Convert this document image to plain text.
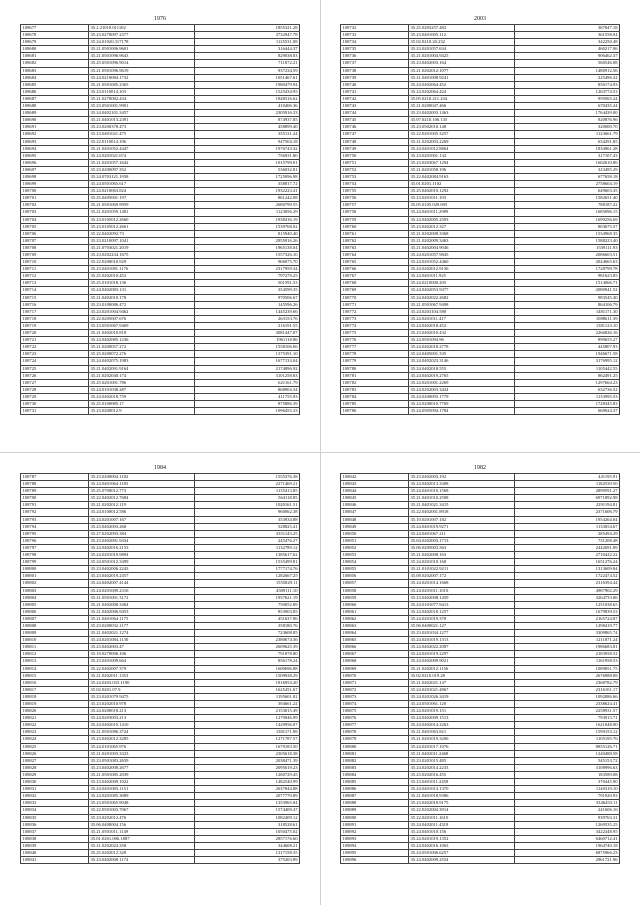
1976
108677	35.2.21010.011102	1855321.28
108678	35.23.0270097.2377	3732947.78
108679	35.24.01020.317178	1125531.08
108680	35.21.0501006.9601	316444.37
108681	35.21.0501096.9643	829038.03
108682	35.25.0501096.9014	711872.21
108683	35.21.0501096.9619	937234.59
108684	35.24.0210084.1732	1051467.61
108685	35.21.0501085.2365	1980479.94
108686	35.23.0110014.103	1525434.95
108687	35.21.0270082.434	1848316.62
108688	35.23.0501001.9901	410406.36
108689	35.24.0402101.3457	2305916.33
108690	35.21.0401013.2391	874937.85
108691	35.23.0200378.473	458899.40
108692	35.23.0401021.475	355131.24
108693	35.22.0110014.196	947504.18
108694	35.21.0201052.4447	1976743.32
108695	35.24.0201021.674	756931.80
108696	35.21.0201057.1642	1015799.01
108697	35.23.0200097.352	536032.81
108698	35.24.0703121.1938	1725096.98
108699	35.24.0501065.617	358817.72
108700	35.24.0210063.824	1932223.41
108701	35.25.0405001.197	861242.08
108702	35.21.0501069.9959	2680799.55
108703	35.21.0201059.1481	1123856.29
108704	35.23.0105012.2660	1938416.19
108705	35.23.0105012.2661	1539768.02
108706	35.22.0402092.73	815940.40
108707	35.23.0210097.1041	2955016.26
108708	35.21.0703021.2019	1965138.04
108709	35.23.0202234.1675	1557326.10
108710	35.22.0200010.929	966075.70
108711	35.23.0401081.1176	2317959.34
108712	35.25.0202010.452	797279.25
108713	35.25.0101018.136	501591.53
108714	35.24.0402083.131	354599.35
108715	35.21.0402010.178	970506.67
108716	35.23.0100086.472	145596.26
108717	35.24.0201004.9462	1445239.66
108718	35.22.0205007.676	263153.76
108719	35.23.0501067.9469	216191.55
108720	35.21.0402010.818	3081447.07
108721	35.24.0402085.1236	1961118.86
108722	35.21.0200057.272	1558106.66
108723	35.25.0200072.276	1375391.10
108724	35.24.0402075.1983	1677133.04
108725	35.21.0402091.9164	2174896.92
108726	35.21.0202040.174	3101258.83
108727	35.25.0201001.786	621161.79
108728	35.24.0101038.287	868904.34
108729	35.24.0402018.759	411755.93
108730	35.25.0100085.17	875886.39
108731	35.23.0200012.9	1096455.33
2003
108732	35.25.0203257.482	387847.18
108733	35.23.0401005.112	361558.04
108734	35.02.0210.20.232	342250.48
108735	35.23.0201057.634	460217.06
108736	35.21.0201004.9425	906462.37
108737	35.23.0402003.164	560546.08
108738	35.21.0202012.1077	1480912.56
108739	35.21.0401008.9241	225496.32
108740	35.24.0402064.452	850174.93
108741	35.24.0202064.424	1263774.53
108742	35.05.0210.211.234	959565.24
108743	35.21.0200047.466	670435.24
108744	35.23.0402003.1463	1764439.00
108745	35.07.0210.106.135	820876.96
108746	35.23.0502010.148	320000.70
108747	35.22.0201005.3257	1123661.79
108748	35.21.0202003.2269	634291.85
108749	35.24.0401012.8864	1834961.28
108750	35.23.0201001.132	317107.43
108751	35.23.0203067.1294	1602610.86
108752	35.21.0201058.196	323495.29
108753	35.22.0402084.9163	677658.18
108754	35.01.0201.1102	2758604.19
108755	35.25.0402010.1292	649603.35
108756	35.23.0201011.193	1582651.40
108757	35.05.0105.029.695	788187.22
108758	35.24.0401011.2989	1685096.15
108759	35.24.0402005.2593	1699256.69
108760	35.23.0402012.327	803675.57
108761	35.21.0202008.3368	1534968.35
108762	35.21.0202009.3463	1588223.40
108763	35.21.0402004.9046	1539111.93
108764	35.24.0201057.9845	2086603.51
108765	35.24.0201052.4460	2024665.63
108766	35.24.0202012.9156	1728799.78
108767	35.24.0401011.925	981623.85
108768	35.24.0210000.205	1514066.71
108769	35.24.0402053.9377	2080941.52
108770	35.24.0402022.2682	983545.40
108771	35.21.0501067.9498	864106.79
108772	35.24.0203104.580	1481171.30
108773	35.24.0201011.417	1088611.39
108774	35.24.0402018.452	1381123.10
108775	35.23.0402010.432	2266826.16
108776	35.24.0501094.96	899655.27
108777	35.24.0402018.2778	445807.93
108778	35.24.0405001.335	1946671.58
108779	35.24.0402023.3146	3176995.12
108780	35.24.0402018.555	1105442.55
108781	35.24.0402019.2765	862491.25
108782	35.24.0201001.2269	1297664.23
108783	35.24.0202003.3424	632736.52
108784	35.24.0200093.1779	1133995.53
108785	35.24.0200010.7769	1728345.83
108786	35.24.0505094.1784	669924.37
1984
108787	35.23.0200004.1182	1555376.38
108788	35.24.0401064.1185	2271469.21
108789	35.25.0700012.773	1135413.85
108790	35.22.0402012.7684	564118.85
108791	35.21.0202012.119	1020161.51
108792	35.24.0100012.586	960062.38
108793	35.24.0201007.167	353934.88
108794	35.23.0402003.268	528825.41
108795	35.27.0202093.384	3351143.25
108796	35.23.0402001.9434	245476.27
108797	35.24.0402016.2153	1132789.12
108798	35.24.0201010.9894	1385617.62
108799	35.24.0501012.3499	1535499.81
108800	35.23.0402006.2243	1777174.76
108801	35.23.0402019.2357	1282667.25
108802	35.24.0402007.4144	1555829.11
108803	35.24.0201009.2316	4509111.10
108804	35.21.0501001.3172	1957621.19
108805	35.21.0402008.3404	750052.89
108806	35.21.0402006.9453	853903.85
108807	35.21.0401064.1175	451637.86
108808	35.23.0200032.1177	358180.76
108809	35.21.0402021.1274	723608.85
108810	35.24.0201084.1130	2380674.36
108811	35.23.0402003.47	2609625.39
108812	35.19.0270006.106	791878.80
108813	35.23.0201009.664	856178.24
108814	35.22.0402007.379	1600696.88
108815	35.21.0202011.1353	1509938.29
108816	35.24.0403.033.1190	1816954.20
108817	35.02.0201.07.9	1625451.67
108818	35.23.0201079.9475	1195601.02
108819	35.23.0202010.978	394661.22
108820	35.24.0200018.213	2153815.49
108821	35.24.0203003.213	1279046.99
108822	35.24.0402010.1410	1429956.07
108823	35.21.0501086.3724	1381171.98
108824	35.23.0402012.3285	1271787.57
108825	35.24.0101065.976	1679183.50
108826	35.21.0201003.3323	2305618.38
108827	35.23.0501083.2659	2038471.39
108828	35.23.0402008.2677	2095619.23
108829	35.21.0501085.2039	1260729.45
108830	35.23.0402009.1022	1482540.99
108831	35.24.0201083.1151	2637844.88
108832	35.24.0201085.3089	2077770.89
108833	35.23.0501065.9048	1353965.04
108834	35.22.0501003.7067	1574409.47
108835	35.23.0202012.476	1082409.12
108836	35.06.0400004.156	318528.61
108837	35.21.0501011.1149	1050475.02
108838	35.01.0201.006.1887	2857176.60
108839	35.21.0202024.358	344608.21
108840	35.25.0202012.328	1317158.35
108841	35.23.0402008.1174	375203.89
1982
108842	35.23.0402003.192	441195.91
108843	35.24.0402013.3308	1182539.50
108844	35.24.0401010.1568	2899591.27
108845	35.21.0401010.2508	6971892.98
108846	35.21.0401021.3415	2291194.81
108847	35.22.0402001.8918	2371606.79
108848	35.10.0201007.182	1954264.04
108849	35.24.0401019.9271	1133054.67
108850	35.24.0401067.211	285494.29
108851	35.04.0202003.1713	731208.48
108852	35.06.0205003.563	2442691.89
108853	35.21.0402008.163	2710422.22
108854	35.24.0201010.168	1651276.24
108855	35.21.0101022.9211	1313609.84
108856	35.08.0202007.172	1722474.52
108857	35.24.0201014.1668	2316394.44
108858	35.24.0201011.1010	4987902.29
108859	35.23.0402008.1459	3264733.86
108860	35.24.0101077.9413	1251038.65
108861	35.24.0402018.1257	1679839.53
108862	35.24.0201019.378	2165724.07
108863	35.06.0400021.127	1298419.77
108864	35.23.0201034.1277	3309865.74
108865	35.24.0201019.1313	1211871.24
108866	35.24.0402022.2087	1986683.81
108867	35.24.0201019.2297	2183958.52
108868	35.24.0402009.9021	1161958.53
108869	35.21.0202012.1156	1089851.75
108870	35.02.0210.019.28	2676988.08
108871	35.21.0402021.147	2368782.79
108872	35.24.0201021.4867	2316101.17
108873	35.24.0201026.3419	1092086.66
108874	35.24.0501061.120	2338624.41
108875	35.24.0201019.151	2258931.57
108876	35.24.0402009.1513	793913.71
108877	35.24.0402014.2263	1621048.90
108878	35.21.0401063.821	1599153.12
108879	35.21.0201019.3206	1105195.76
108880	35.24.0201017.1076	8855126.71
108881	35.21.0402011.2468	1240488.58
108882	35.23.0201015.485	545153.72
108883	35.24.0202014.2233	3108996.63
108884	35.23.0202016.455	183589.08
108885	35.23.0401011.2458	370445.90
108886	35.24.0401013.1370	1140319.10
108887	35.21.0401018.9386	791920.93
108888	35.23.0402018.9175	3346453.11
108889	35.22.0202004.3914	241606.16
108890	35.22.0201011.1610	939763.31
108891	35.24.0402011.4318	1269535.25
108892	35.24.0401010.156	3422348.95
108893	35.24.0201019.1352	6460712.41
108894	35.24.0402016.1063	1964740.18
108895	35.24.0501006.6257	6875966.23
108896	35.24.0402009.2554	2961721.96
